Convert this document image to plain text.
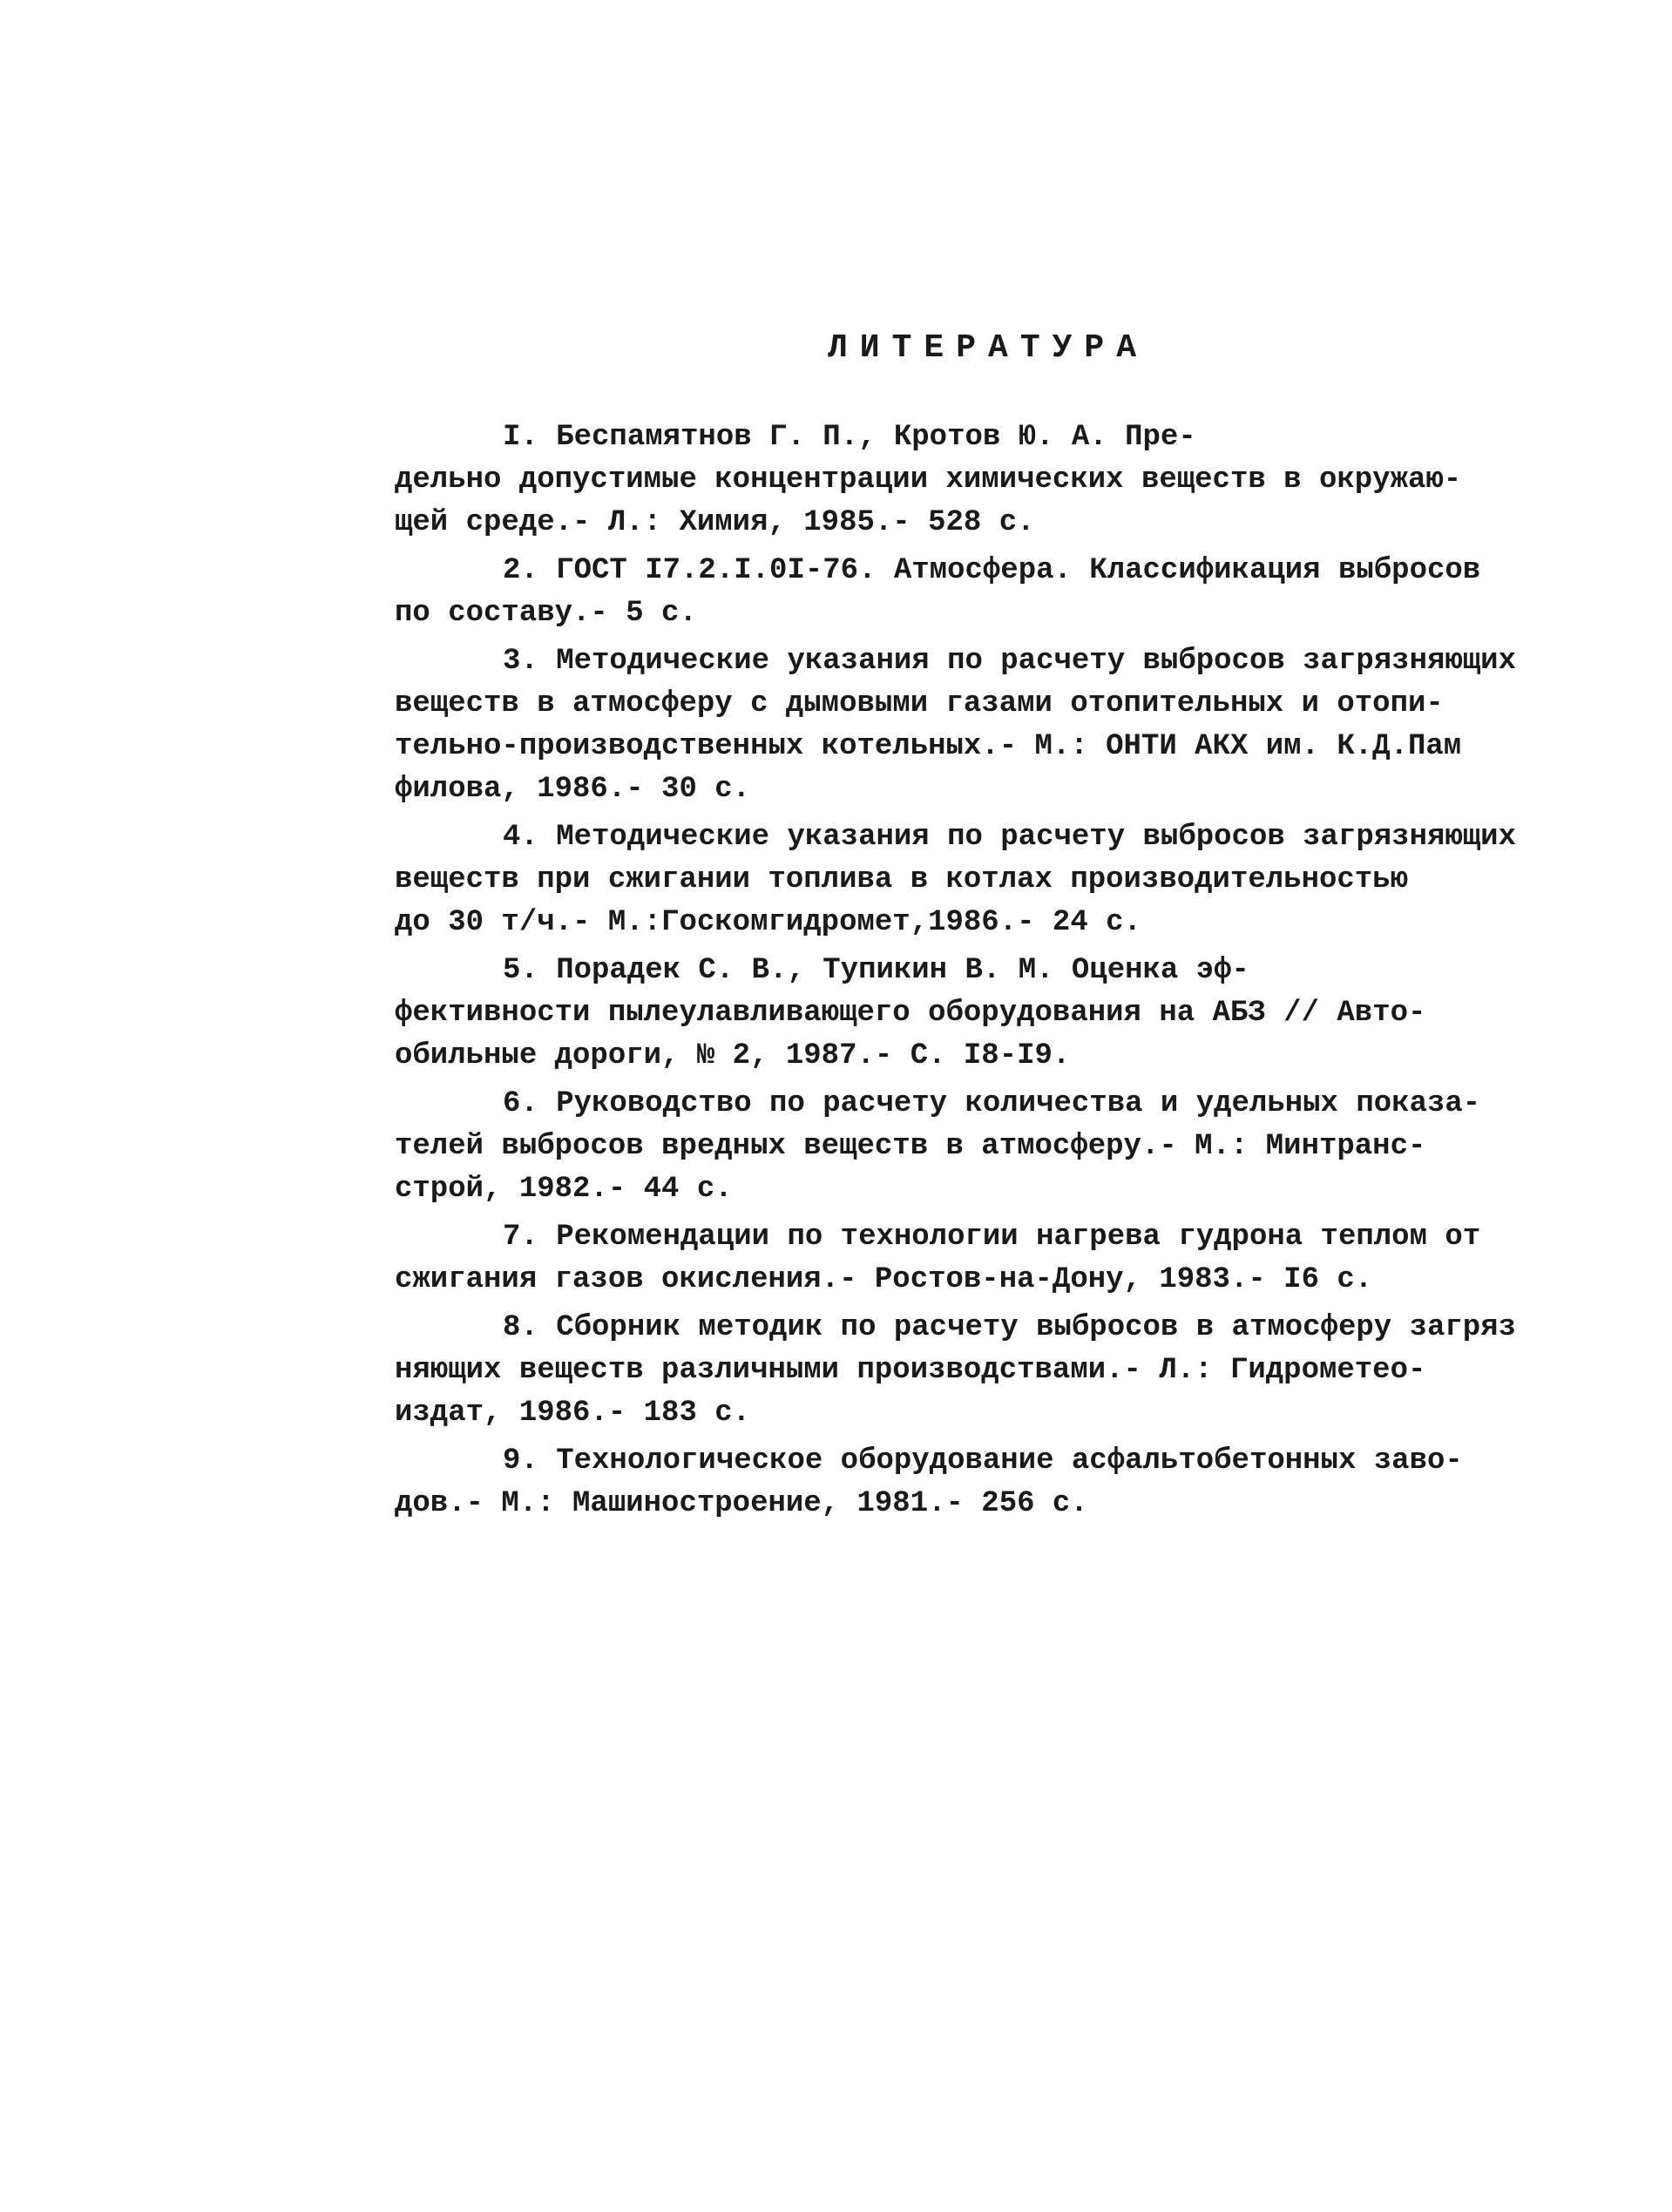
ЛИТЕРАТУРА
I. Беспамятнов Г. П., Кротов Ю. А. Пре-
дельно допустимые концентрации химических веществ в окружаю-
щей среде.- Л.: Химия, 1985.- 528 с.
2. ГОСТ I7.2.I.0I-76. Атмосфера. Классификация выбросов
по составу.- 5 с.
3. Методические указания по расчету выбросов загрязняющих
веществ в атмосферу с дымовыми газами отопительных и отопи-
тельно-производственных котельных.- М.: ОНТИ АКХ им. К.Д.Пам
филова, 1986.- 30 с.
4. Методические указания по расчету выбросов загрязняющих
веществ при сжигании топлива в котлах производительностью
до 30 т/ч.- М.:Госкомгидромет,1986.- 24 с.
5. Порадек С. В., Тупикин В. М. Оценка эф-
фективности пылеулавливающего оборудования на АБЗ // Авто-
обильные дороги, № 2, 1987.- С. I8-I9.
6. Руководство по расчету количества и удельных показа-
телей выбросов вредных веществ в атмосферу.- М.: Минтранс-
строй, 1982.- 44 с.
7. Рекомендации по технологии нагрева гудрона теплом от
сжигания газов окисления.- Ростов-на-Дону, 1983.- I6 с.
8. Сборник методик по расчету выбросов в атмосферу загряз
няющих веществ различными производствами.- Л.: Гидрометео-
издат, 1986.- 183 с.
9. Технологическое оборудование асфальтобетонных заво-
дов.- М.: Машиностроение, 1981.- 256 с.
